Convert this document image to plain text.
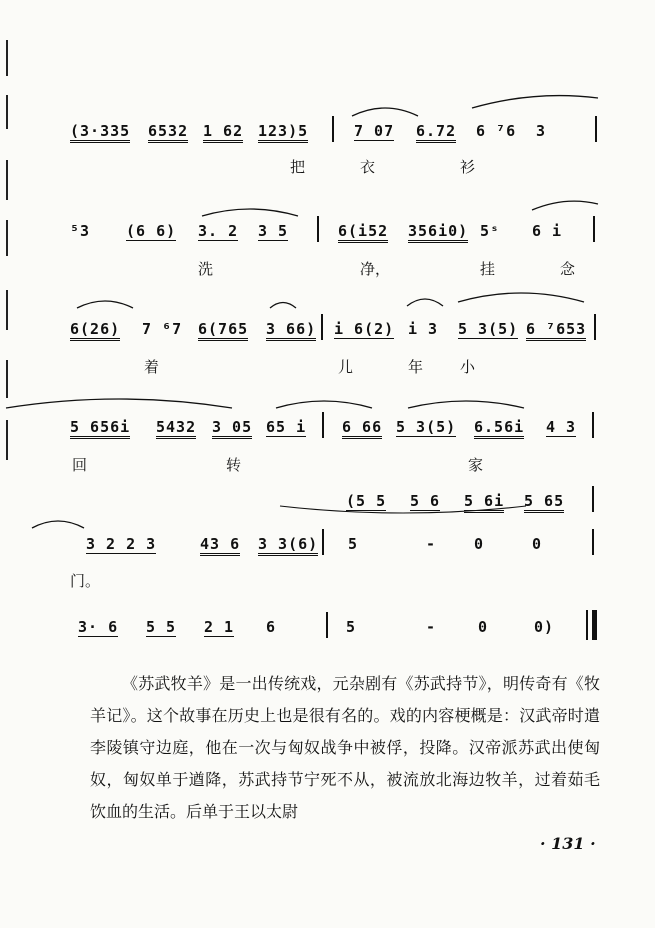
(3·335 6532 1 62 123)5	7 07 6.72 6 ⁷6 3
把	衣	衫
⁵3 (6 6) 3. 2 3 5	6(i52 356i0) 5ˢ 6 i
洗	净，	挂	念
6(26) 7 ⁶7 6(765 3 66) i 6(2) i 3 5 3(5) 6 ⁷653
着	儿	年 小
5 656i 5432 3 05 65 i 6 66 5 3(5) 6.56i 4 3
回	转	家
(5 5 5 6 5 6i 5 65
3 2 2 3	43 6 3 3(6) 5	-	0	0
门。
3· 6 5 5 2 1 6	5	-	0	0)

《苏武牧羊》是一出传统戏，元杂剧有《苏武持节》，明传奇有《牧羊记》。这个故事在历史上也是很有名的。戏的内容梗概是：汉武帝时遣李陵镇守边庭，他在一次与匈奴战争中被俘，投降。汉帝派苏武出使匈奴，匈奴单于遒降，苏武持节宁死不从，被流放北海边牧羊，过着茹毛饮血的生活。后单于王以太尉

· 131 ·
